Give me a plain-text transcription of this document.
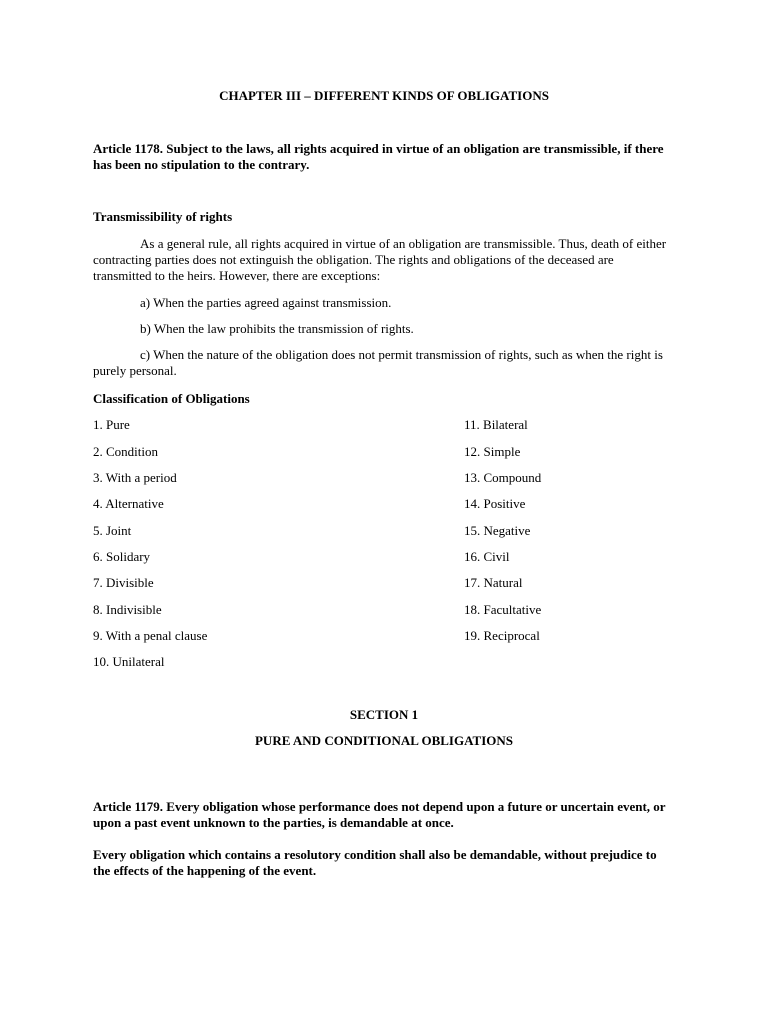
CHAPTER III – DIFFERENT KINDS OF OBLIGATIONS
Article 1178. Subject to the laws, all rights acquired in virtue of an obligation are transmissible, if there has been no stipulation to the contrary.
Transmissibility of rights
As a general rule, all rights acquired in virtue of an obligation are transmissible. Thus, death of either contracting parties does not extinguish the obligation. The rights and obligations of the deceased are transmitted to the heirs. However, there are exceptions:
a) When the parties agreed against transmission.
b) When the law prohibits the transmission of rights.
c) When the nature of the obligation does not permit transmission of rights, such as when the right is purely personal.
Classification of Obligations
1. Pure
2. Condition
3. With a period
4. Alternative
5. Joint
6. Solidary
7. Divisible
8. Indivisible
9. With a penal clause
10. Unilateral
11. Bilateral
12. Simple
13. Compound
14. Positive
15. Negative
16. Civil
17. Natural
18. Facultative
19. Reciprocal
SECTION 1
PURE AND CONDITIONAL OBLIGATIONS
Article 1179. Every obligation whose performance does not depend upon a future or uncertain event, or upon a past event unknown to the parties, is demandable at once.
Every obligation which contains a resolutory condition shall also be demandable, without prejudice to the effects of the happening of the event.
